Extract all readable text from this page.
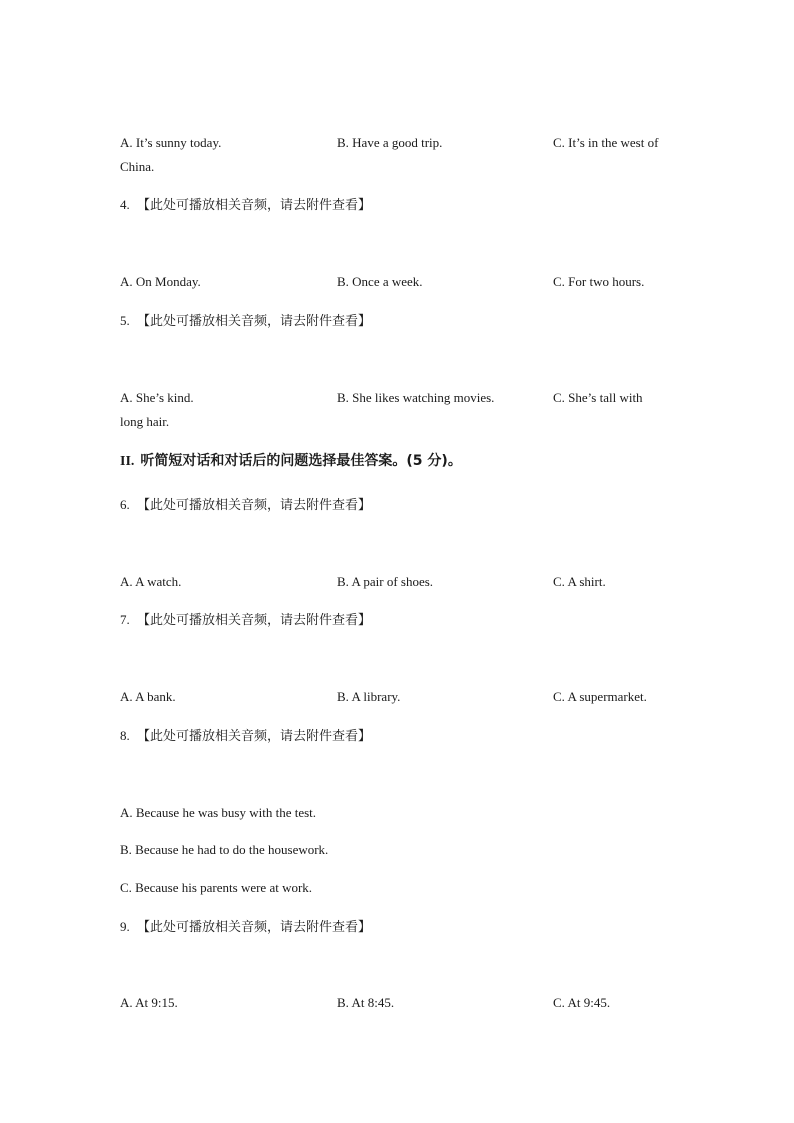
A. It’s sunny today.	B. Have a good trip.	C. It’s in the west of
China.
4. 【此处可播放相关音频，请去附件查看】
A. On Monday.	B. Once a week.	C. For two hours.
5. 【此处可播放相关音频，请去附件查看】
A. She’s kind.	B. She likes watching movies.	C. She’s tall with
long hair.
II. 听简短对话和对话后的问题选择最佳答案。(5 分)。
6. 【此处可播放相关音频，请去附件查看】
A. A watch.	B. A pair of shoes.	C. A shirt.
7. 【此处可播放相关音频，请去附件查看】
A. A bank.	B. A library.	C. A supermarket.
8. 【此处可播放相关音频，请去附件查看】
A. Because he was busy with the test.
B. Because he had to do the housework.
C. Because his parents were at work.
9. 【此处可播放相关音频，请去附件查看】
A. At 9:15.	B. At 8:45.	C. At 9:45.
